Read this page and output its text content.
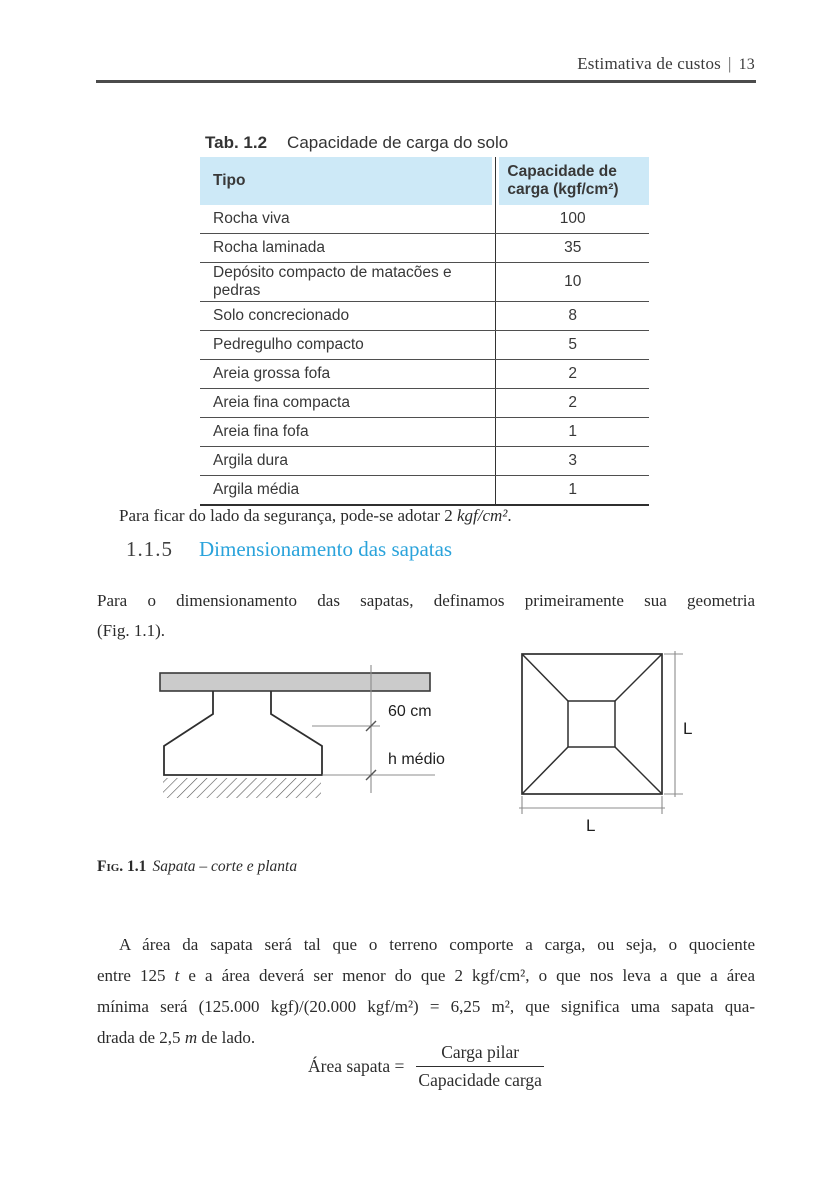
Estimativa de custos | 13
Tab. 1.2 Capacidade de carga do solo
Tipo	Capacidade de carga (kgf/cm²)
Rocha viva	100
Rocha laminada	35
Depósito compacto de matacões e pedras	10
Solo concrecionado	8
Pedregulho compacto	5
Areia grossa fofa	2
Areia fina compacta	2
Areia fina fofa	1
Argila dura	3
Argila média	1

Para ficar do lado da segurança, pode-se adotar 2 kgf/cm².

1.1.5 Dimensionamento das sapatas

Para o dimensionamento das sapatas, definamos primeiramente sua geometria
(Fig. 1.1).

60 cm
h médio
L
L
Fig. 1.1 Sapata – corte e planta

A área da sapata será tal que o terreno comporte a carga, ou seja, o quociente
entre 125 t e a área deverá ser menor do que 2 kgf/cm², o que nos leva a que a área
mínima será (125.000 kgf)/(20.000 kgf/m²) = 6,25 m², que significa uma sapata qua-
drada de 2,5 m de lado.

Área sapata = $\frac{\text{Carga pilar}}{\text{Capacidade carga}}$
